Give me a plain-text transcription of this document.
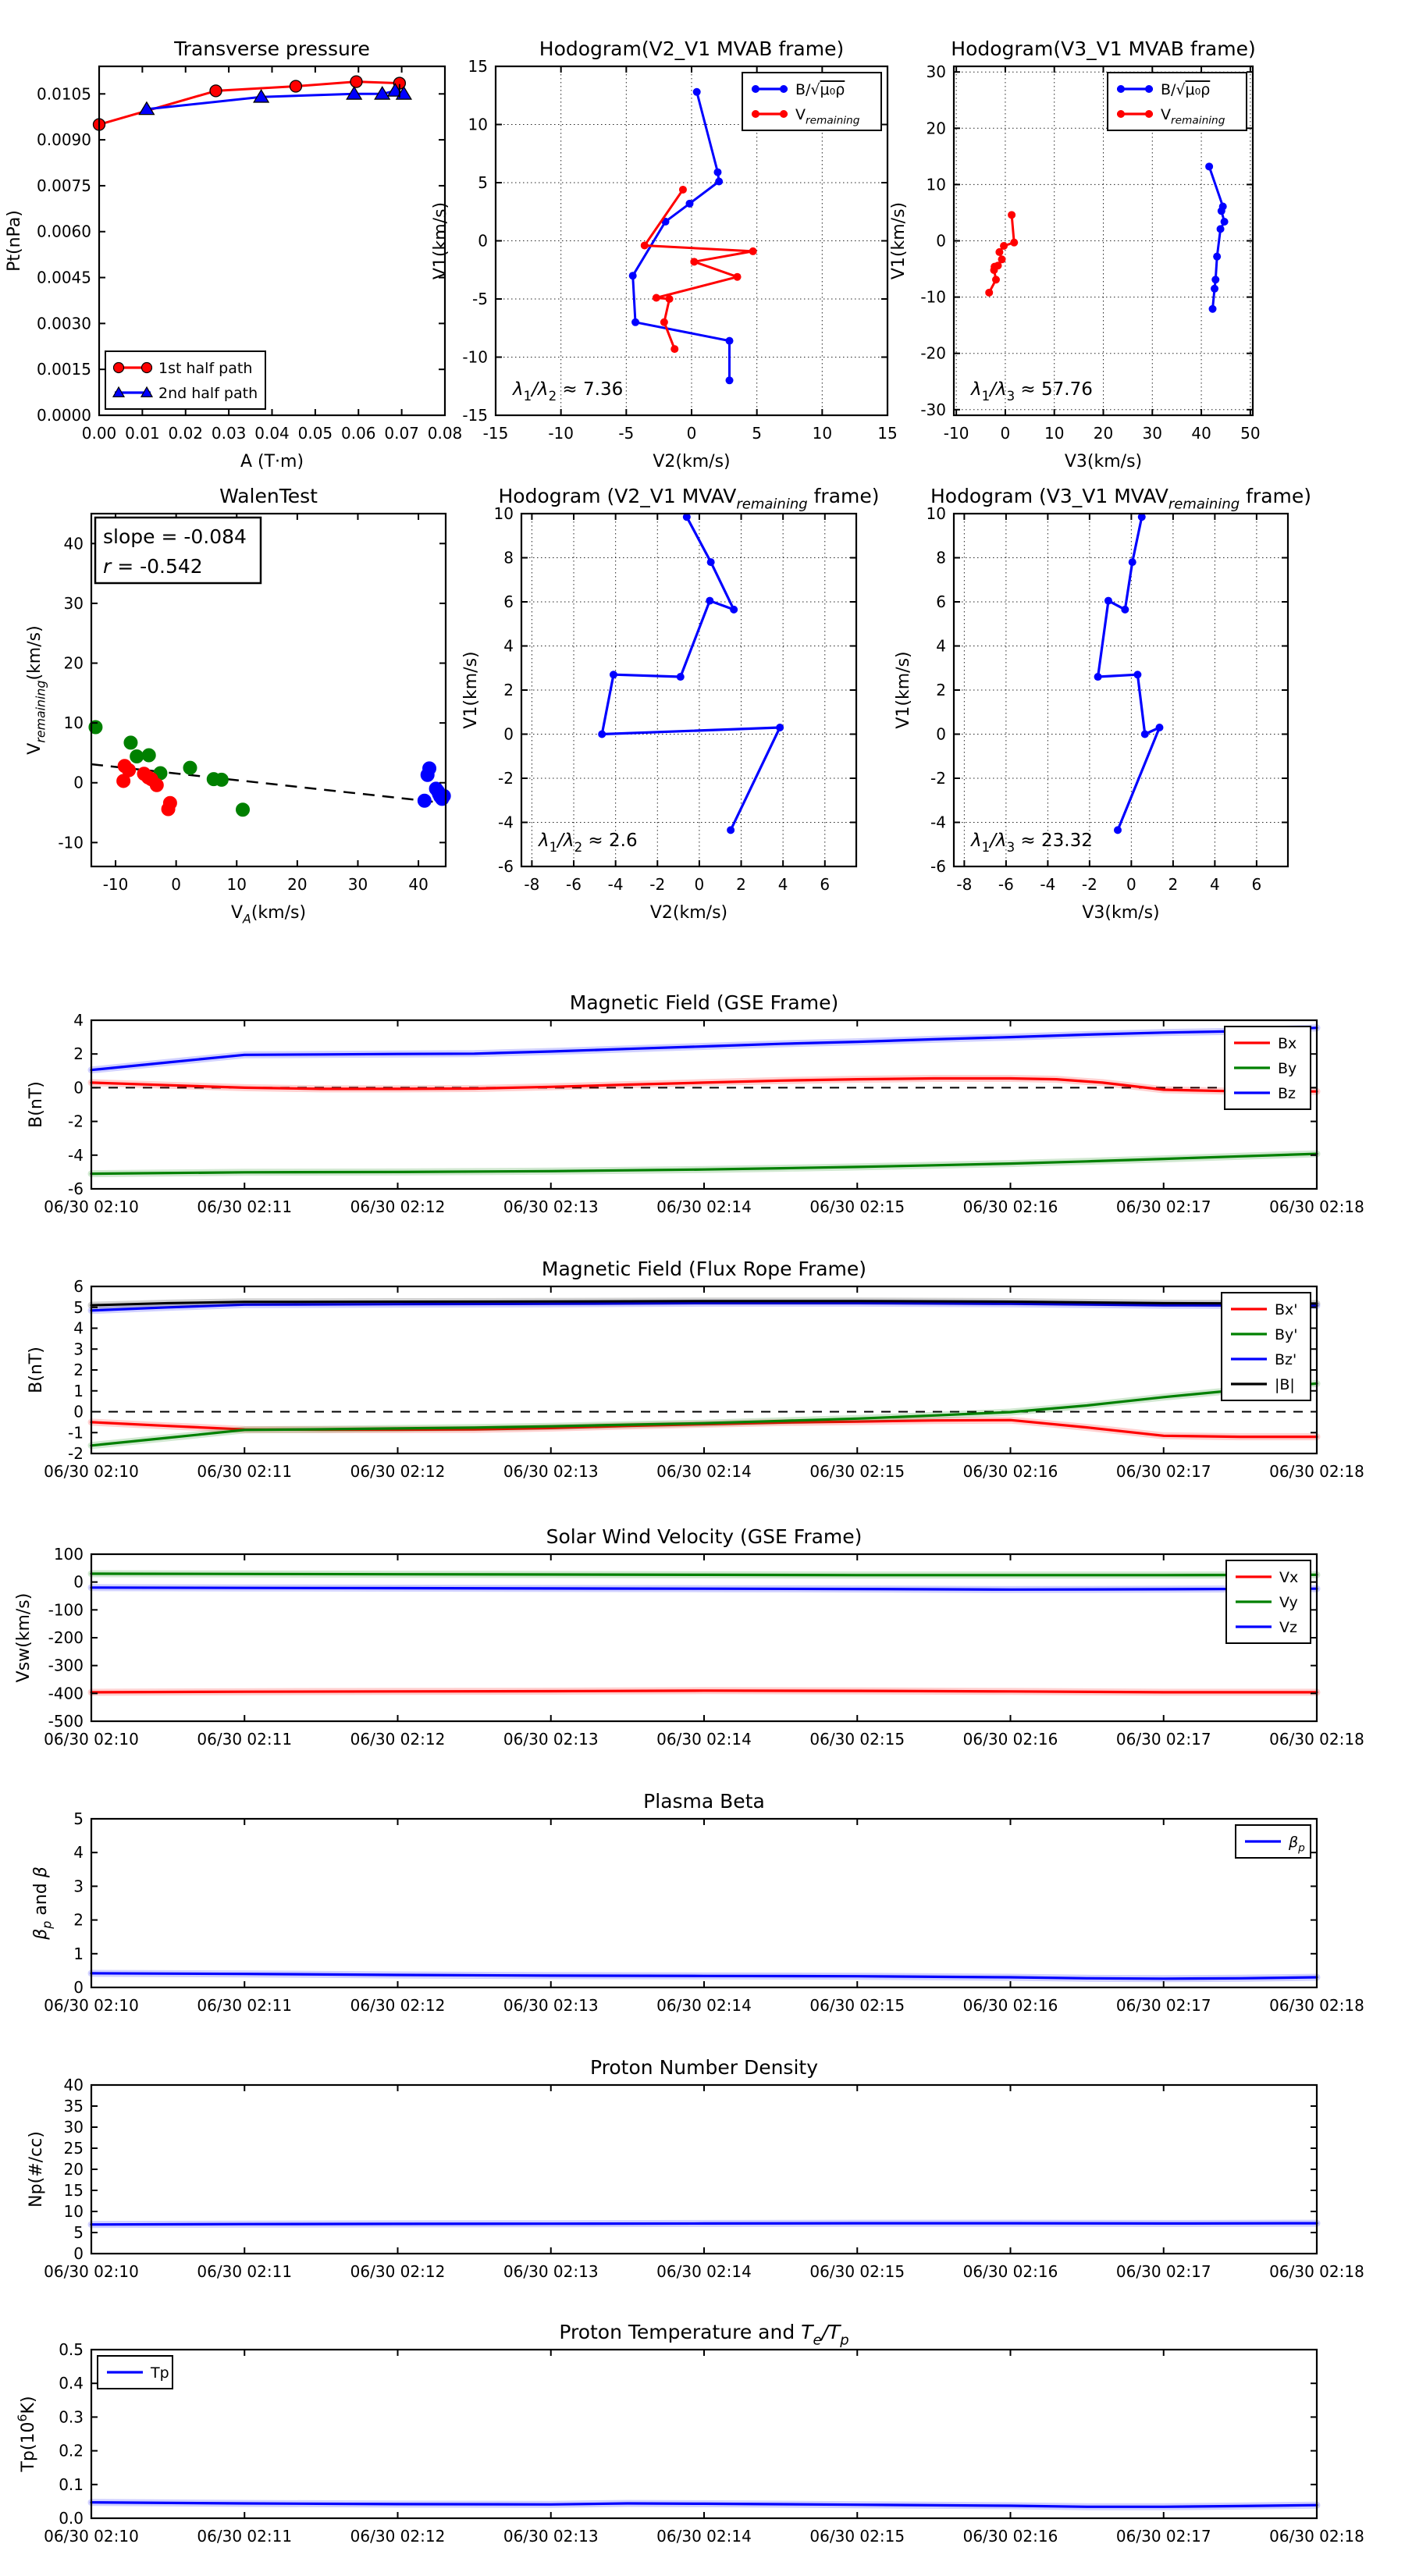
0.00 0.01 0.02 0.03 0.04 0.05 0.06 0.07 0.08
0.0000
0.0015
0.0030
0.0045
0.0060
0.0075
0.0090
0.0105
Transverse pressure
A (T·m)
Pt(nPa)
1st half path
2nd half path
-15	-10	-5	0	5	10	15
-15
-10
-5
0
5
10
15
Hodogram(V2_V1 MVAB frame)
V2(km/s)
V1(km/s)
B/√μ₀ρ
$V_{remaining}$
$\lambda_1/\lambda_2 \approx 7.36$
-10 0 10 20 30 40 50
-30
-20
-10
0
10
20
30
Hodogram(V3_V1 MVAB frame)
V3(km/s)
V1(km/s)
B/√μ₀ρ
$V_{remaining}$
$\lambda_1/\lambda_3 \approx 57.76$
-10	0	10	20	30	40
-10
0
10
20
30
40
WalenTest
$V_A(km/s)$
$V_{remaining}(km/s)$
slope = -0.084
r = -0.542
-8 -6 -4 -2 0 2 4 6
-6
-4
-2
0
2
4
6
8
10
Hodogram (V2_V1 $MVAV_{remaining}$ frame)
V2(km/s)
V1(km/s)
$\lambda_1/\lambda_2 \approx 2.6$
-8 -6 -4 -2 0 2 4 6
-6
-4
-2
0
2
4
6
8
10
Hodogram (V3_V1 $MVAV_{remaining}$ frame)
V3(km/s)
V1(km/s)
$\lambda_1/\lambda_3 \approx 23.32$
06/30 02:10	06/30 02:11	06/30 02:12	06/30 02:13	06/30 02:14	06/30 02:15	06/30 02:16	06/30 02:17	06/30 02:18
-6
-4
-2
0
2
4
Magnetic Field (GSE Frame)
B(nT)
Bx
By
Bz
06/30 02:10	06/30 02:11	06/30 02:12	06/30 02:13	06/30 02:14	06/30 02:15	06/30 02:16	06/30 02:17	06/30 02:18
-2
-1
0
1
2
3
4
5
6
Magnetic Field (Flux Rope Frame)
B(nT)
Bx'
By'
Bz'
|B|
06/30 02:10	06/30 02:11	06/30 02:12	06/30 02:13	06/30 02:14	06/30 02:15	06/30 02:16	06/30 02:17	06/30 02:18
-500
-400
-300
-200
-100
0
100
Solar Wind Velocity (GSE Frame)
Vsw(km/s)
Vx
Vy
Vz
06/30 02:10	06/30 02:11	06/30 02:12	06/30 02:13	06/30 02:14	06/30 02:15	06/30 02:16	06/30 02:17	06/30 02:18
0
1
2
3
4
5
Plasma Beta
$\beta_p$ and β
$\beta_p$
06/30 02:10	06/30 02:11	06/30 02:12	06/30 02:13	06/30 02:14	06/30 02:15	06/30 02:16	06/30 02:17	06/30 02:18
0
5
10
15
20
25
30
35
40
Proton Number Density
Np(#/cc)
06/30 02:10	06/30 02:11	06/30 02:12	06/30 02:13	06/30 02:14	06/30 02:15	06/30 02:16	06/30 02:17	06/30 02:18
0.0
0.1
0.2
0.3
0.4
0.5
Proton Temperature and $T_e/T_p$
$Tp(10^6K)$
Tp
